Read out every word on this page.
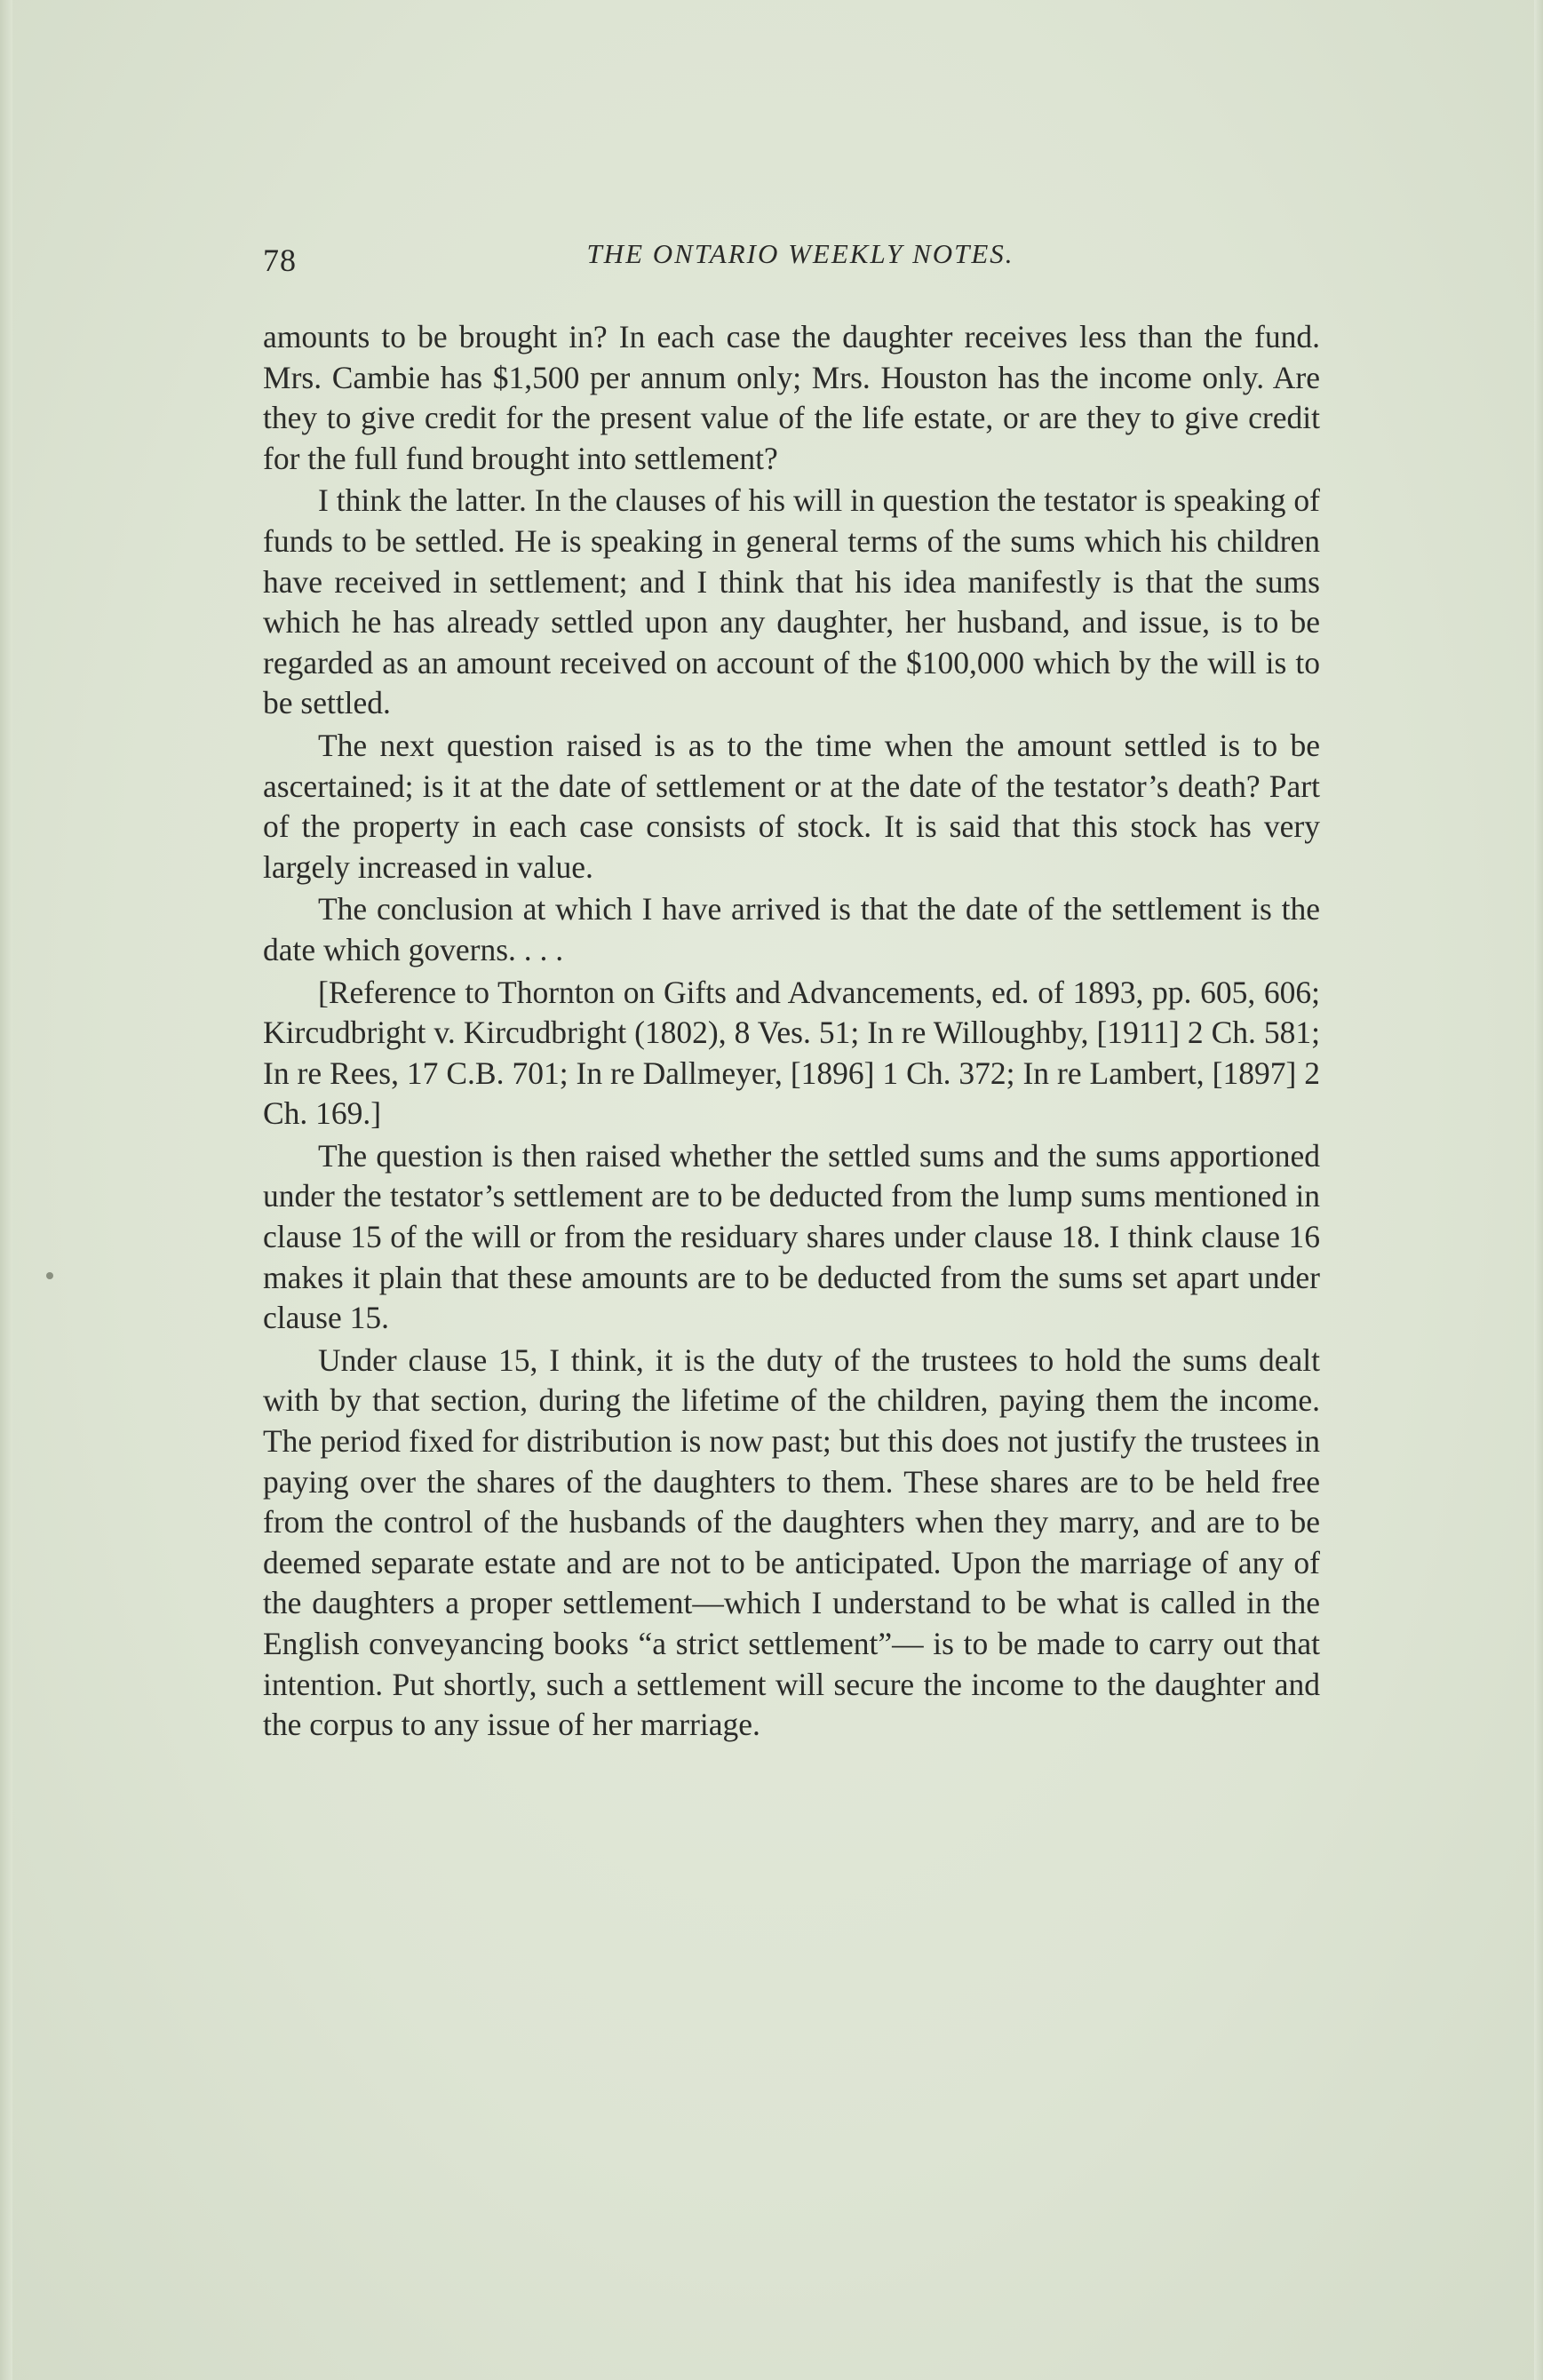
78	THE ONTARIO WEEKLY NOTES.

amounts to be brought in? In each case the daughter receives less than the fund. Mrs. Cambie has $1,500 per annum only; Mrs. Houston has the income only. Are they to give credit for the present value of the life estate, or are they to give credit for the full fund brought into settlement?

I think the latter. In the clauses of his will in question the testator is speaking of funds to be settled. He is speaking in general terms of the sums which his children have received in settlement; and I think that his idea manifestly is that the sums which he has already settled upon any daughter, her husband, and issue, is to be regarded as an amount received on account of the $100,000 which by the will is to be settled.

The next question raised is as to the time when the amount settled is to be ascertained; is it at the date of settlement or at the date of the testator’s death? Part of the property in each case consists of stock. It is said that this stock has very largely increased in value.

The conclusion at which I have arrived is that the date of the settlement is the date which governs. . . .

[Reference to Thornton on Gifts and Advancements, ed. of 1893, pp. 605, 606; Kircudbright v. Kircudbright (1802), 8 Ves. 51; In re Willoughby, [1911] 2 Ch. 581; In re Rees, 17 C.B. 701; In re Dallmeyer, [1896] 1 Ch. 372; In re Lambert, [1897] 2 Ch. 169.]

The question is then raised whether the settled sums and the sums apportioned under the testator’s settlement are to be deducted from the lump sums mentioned in clause 15 of the will or from the residuary shares under clause 18. I think clause 16 makes it plain that these amounts are to be deducted from the sums set apart under clause 15.

Under clause 15, I think, it is the duty of the trustees to hold the sums dealt with by that section, during the lifetime of the children, paying them the income. The period fixed for distribution is now past; but this does not justify the trustees in paying over the shares of the daughters to them. These shares are to be held free from the control of the husbands of the daughters when they marry, and are to be deemed separate estate and are not to be anticipated. Upon the marriage of any of the daughters a proper settlement—which I understand to be what is called in the English conveyancing books “a strict settlement”— is to be made to carry out that intention. Put shortly, such a settlement will secure the income to the daughter and the corpus to any issue of her marriage.
